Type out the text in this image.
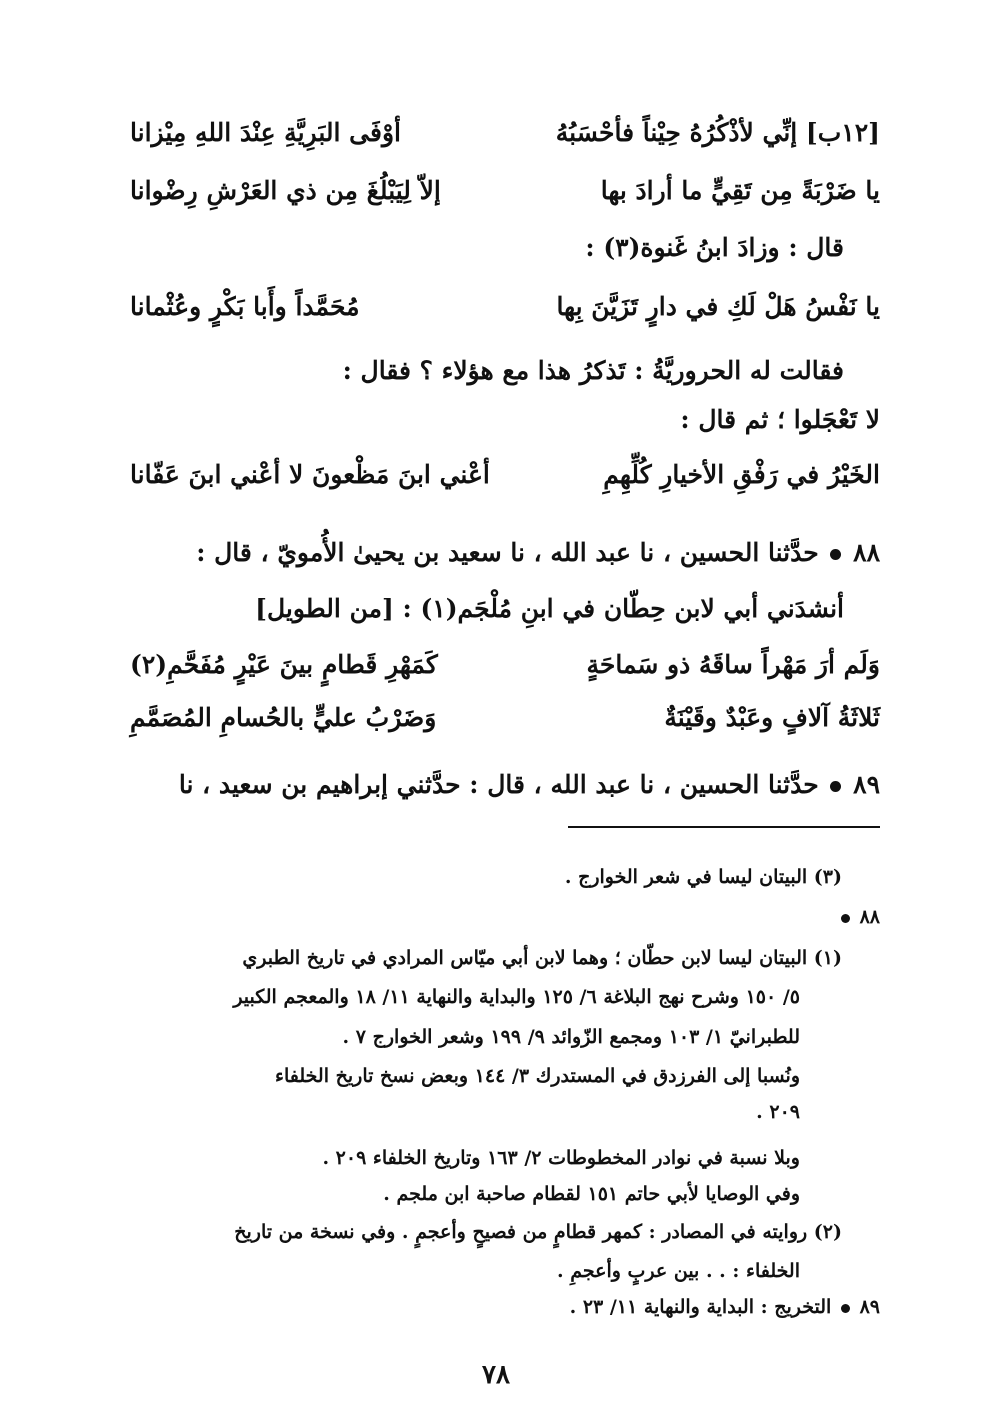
[١٢ب] إنِّي لأذْكُرُهُ حِيْناً فأحْسَبُهُ
أوْفَى البَرِيَّةِ عِنْدَ اللهِ مِيْزانا
يا ضَرْبَةً مِن تَقِيٍّ ما أرادَ بها
إلاّ لِيَبْلُغَ مِن ذي العَرْشِ رِضْوانا
قال : وزادَ ابنُ غَنوة(٣) :
يا نَفْسُ هَلْ لَكِ في دارٍ تَزَيَّنَ بِها
مُحَمَّداً وأَبا بَكْرٍ وعُثْمانا
فقالت له الحروريَّةُ : تَذكرُ هذا مع هؤلاء ؟ فقال :
لا تَعْجَلوا ؛ ثم قال :
الخَيْرُ في رَفْقِ الأخيارِ كُلِّهِمِ
أعْني ابنَ مَظْعونَ لا أعْني ابنَ عَفّانا
٨٨  حدَّثنا الحسين ، نا عبد الله ، نا سعيد بن يحيىٰ الأُمويّ ، قال :
أنشدَني أبي لابن حِطّان في ابنِ مُلْجَم(١) : [من الطويل]
وَلَم أرَ مَهْراً ساقَهُ ذو سَماحَةٍ
كَمَهْرِ قَطامٍ بينَ عَيْرٍ مُفَحَّمِ(٢)
ثَلاثَةُ آلافٍ وعَبْدٌ وقَيْنَةٌ
وَضَرْبُ عليٍّ بالحُسامِ المُصَمَّمِ
٨٩  حدَّثنا الحسين ، نا عبد الله ، قال : حدَّثني إبراهيم بن سعيد ، نا
(٣) البيتان ليسا في شعر الخوارج .
٨٨
(١) البيتان ليسا لابن حطّان ؛ وهما لابن أبي ميّاس المرادي في تاريخ الطبري
٥/ ١٥٠ وشرح نهج البلاغة ٦/ ١٢٥ والبداية والنهاية ١١/ ١٨ والمعجم الكبير
للطبرانيّ ١/ ١٠٣ ومجمع الزّوائد ٩/ ١٩٩ وشعر الخوارج ٧ .
ونُسبا إلى الفرزدق في المستدرك ٣/ ١٤٤ وبعض نسخ تاريخ الخلفاء
٢٠٩ .
وبلا نسبة في نوادر المخطوطات ٢/ ١٦٣ وتاريخ الخلفاء ٢٠٩ .
وفي الوصايا لأبي حاتم ١٥١ لقطام صاحبة ابن ملجم .
(٢) روايته في المصادر : كمهر قطامٍ من فصيحٍ وأعجمٍ . وفي نسخة من تاريخ
الخلفاء : . . بين عربٍ وأعجمِ .
٨٩  التخريج : البداية والنهاية ١١/ ٢٣ .
٧٨
